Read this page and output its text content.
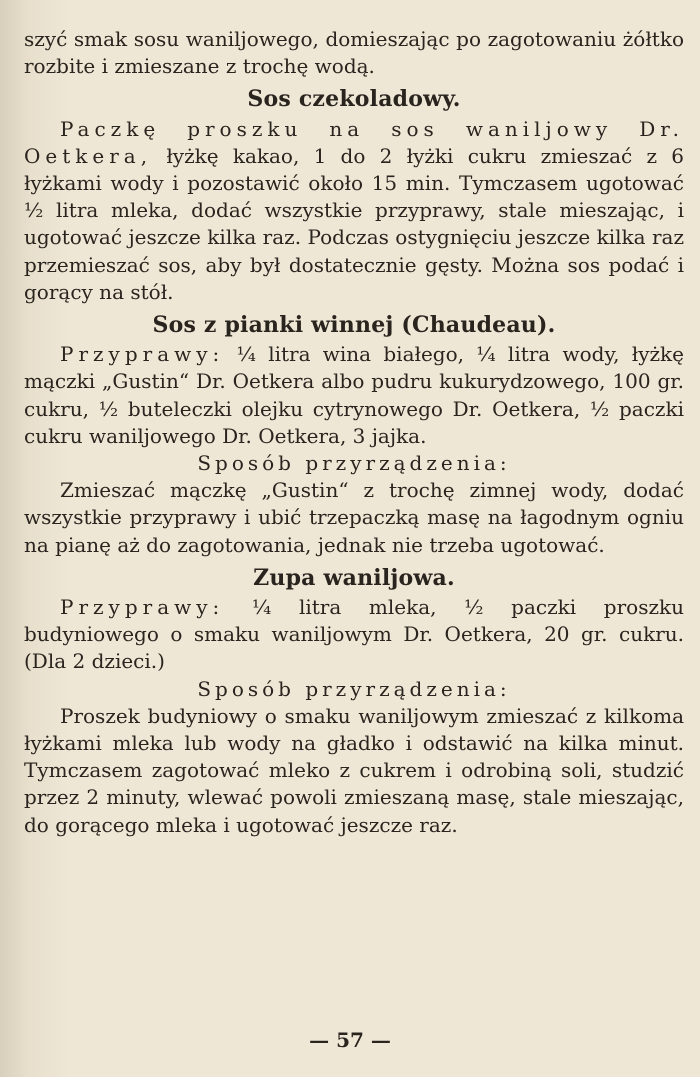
szyć smak sosu waniljowego, domieszając po zagotowaniu żółtko rozbite i zmieszane z trochę wodą.

Sos czekoladowy.

Paczkę proszku na sos waniljowy Dr. Oetkera, łyżkę kakao, 1 do 2 łyżki cukru zmieszać z 6 łyżkami wody i pozostawić około 15 min. Tymczasem ugotować ½ litra mleka, dodać wszystkie przyprawy, stale mieszając, i ugotować jeszcze kilka raz. Podczas ostygnięciu jeszcze kilka raz przemieszać sos, aby był dostatecznie gęsty. Można sos podać i gorący na stół.

Sos z pianki winnej (Chaudeau).

Przyprawy: ¼ litra wina białego, ¼ litra wody, łyżkę mączki „Gustin“ Dr. Oetkera albo pudru kukurydzowego, 100 gr. cukru, ½ buteleczki olejku cytrynowego Dr. Oetkera, ½ paczki cukru waniljowego Dr. Oetkera, 3 jajka.

Sposób przyrządzenia:

Zmieszać mączkę „Gustin“ z trochę zimnej wody, dodać wszystkie przyprawy i ubić trzepaczką masę na łagodnym ogniu na pianę aż do zagotowania, jednak nie trzeba ugotować.

Zupa waniljowa.

Przyprawy: ¼ litra mleka, ½ paczki proszku budyniowego o smaku waniljowym Dr. Oetkera, 20 gr. cukru. (Dla 2 dzieci.)

Sposób przyrządzenia:

Proszek budyniowy o smaku waniljowym zmieszać z kilkoma łyżkami mleka lub wody na gładko i odstawić na kilka minut. Tymczasem zagotować mleko z cukrem i odrobiną soli, studzić przez 2 minuty, wlewać powoli zmieszaną masę, stale mieszając, do gorącego mleka i ugotować jeszcze raz.

— 57 —
